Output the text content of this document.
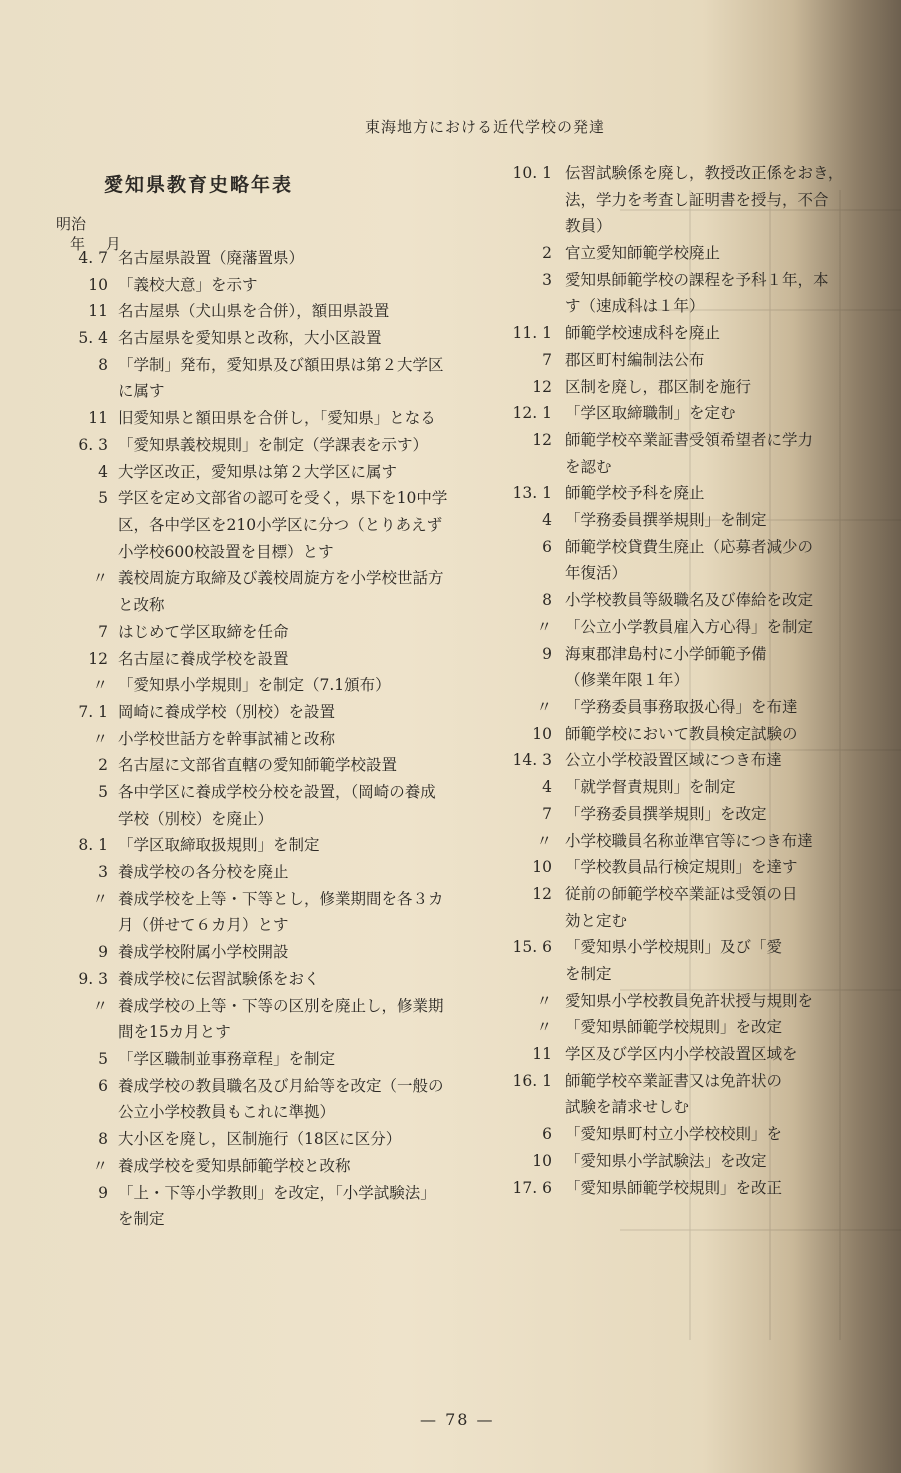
東海地方における近代学校の発達
愛知県教育史略年表
明治
年 月
4. 7 名古屋県設置（廃藩置県）
10 「義校大意」を示す
11 名古屋県（犬山県を合併），額田県設置
5. 4 名古屋県を愛知県と改称，大小区設置
8 「学制」発布，愛知県及び額田県は第２大学区
に属す
11 旧愛知県と額田県を合併し，「愛知県」となる
6. 3 「愛知県義校規則」を制定（学課表を示す）
4 大学区改正，愛知県は第２大学区に属す
5 学区を定め文部省の認可を受く，県下を10中学
区，各中学区を210小学区に分つ（とりあえず
小学校600校設置を目標）とす
〃 義校周旋方取締及び義校周旋方を小学校世話方
と改称
7 はじめて学区取締を任命
12 名古屋に養成学校を設置
〃 「愛知県小学規則」を制定（7.1頒布）
7. 1 岡崎に養成学校（別校）を設置
〃 小学校世話方を幹事試補と改称
2 名古屋に文部省直轄の愛知師範学校設置
5 各中学区に養成学校分校を設置，（岡崎の養成
学校（別校）を廃止）
8. 1 「学区取締取扱規則」を制定
3 養成学校の各分校を廃止
〃 養成学校を上等・下等とし，修業期間を各３カ
月（併せて６カ月）とす
9 養成学校附属小学校開設
9. 3 養成学校に伝習試験係をおく
〃 養成学校の上等・下等の区別を廃止し，修業期
間を15カ月とす
5 「学区職制並事務章程」を制定
6 養成学校の教員職名及び月給等を改定（一般の
公立小学校教員もこれに準拠）
8 大小区を廃し，区制施行（18区に区分）
〃 養成学校を愛知県師範学校と改称
9 「上・下等小学教則」を改定，「小学試験法」
を制定
10. 1 伝習試験係を廃し，教授改正係をおき，
法，学力を考査し証明書を授与，不合
教員）
2 官立愛知師範学校廃止
3 愛知県師範学校の課程を予科１年，本
す（速成科は１年）
11. 1 師範学校速成科を廃止
7 郡区町村編制法公布
12 区制を廃し，郡区制を施行
12. 1 「学区取締職制」を定む
12 師範学校卒業証書受領希望者に学力
を認む
13. 1 師範学校予科を廃止
4 「学務委員撰挙規則」を制定
6 師範学校貸費生廃止（応募者減少の
年復活）
8 小学校教員等級職名及び俸給を改定
〃 「公立小学教員雇入方心得」を制定
9 海東郡津島村に小学師範予備
（修業年限１年）
〃 「学務委員事務取扱心得」を布達
10 師範学校において教員検定試験の
14. 3 公立小学校設置区域につき布達
4 「就学督責規則」を制定
7 「学務委員撰挙規則」を改定
〃 小学校職員名称並準官等につき布達
10 「学校教員品行検定規則」を達す
12 従前の師範学校卒業証は受領の日
効と定む
15. 6 「愛知県小学校規則」及び「愛
を制定
〃 愛知県小学校教員免許状授与規則を
〃 「愛知県師範学校規則」を改定
11 学区及び学区内小学校設置区域を
16. 1 師範学校卒業証書又は免許状の
試験を請求せしむ
6 「愛知県町村立小学校校則」を
10 「愛知県小学試験法」を改定
17. 6 「愛知県師範学校規則」を改正
— 78 —
